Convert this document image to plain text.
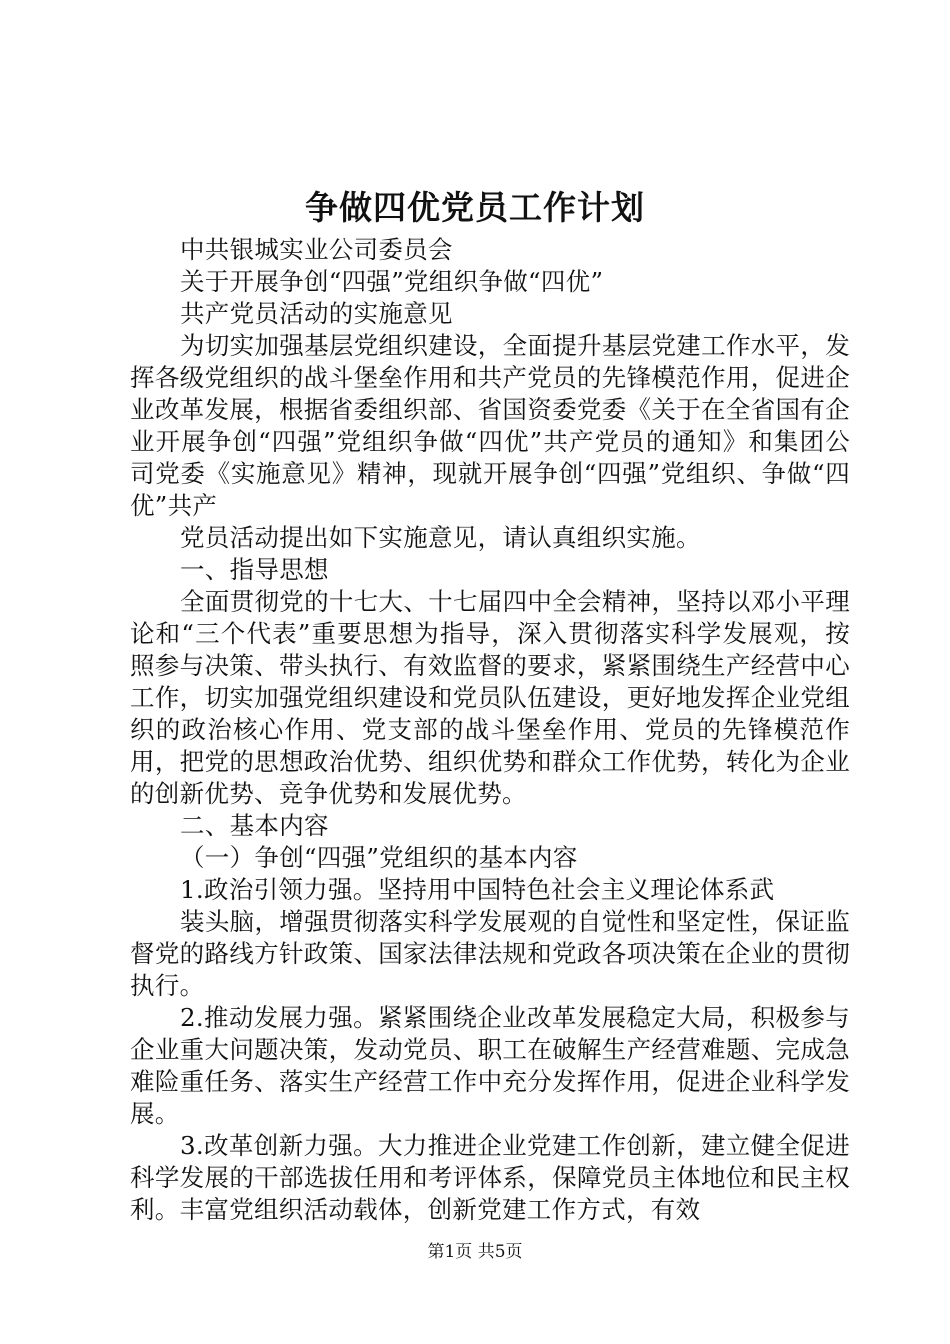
争做四优党员工作计划

中共银城实业公司委员会

关于开展争创“四强”党组织争做“四优”

共产党员活动的实施意见

为切实加强基层党组织建设，全面提升基层党建工作水平，发挥各级党组织的战斗堡垒作用和共产党员的先锋模范作用，促进企业改革发展，根据省委组织部、省国资委党委《关于在全省国有企业开展争创“四强”党组织争做“四优”共产党员的通知》和集团公司党委《实施意见》精神，现就开展争创“四强”党组织、争做“四优”共产

党员活动提出如下实施意见，请认真组织实施。

一、指导思想

全面贯彻党的十七大、十七届四中全会精神，坚持以邓小平理论和“三个代表”重要思想为指导，深入贯彻落实科学发展观，按照参与决策、带头执行、有效监督的要求，紧紧围绕生产经营中心工作，切实加强党组织建设和党员队伍建设，更好地发挥企业党组织的政治核心作用、党支部的战斗堡垒作用、党员的先锋模范作用，把党的思想政治优势、组织优势和群众工作优势，转化为企业的创新优势、竞争优势和发展优势。

二、基本内容

（一）争创“四强”党组织的基本内容

1.政治引领力强。坚持用中国特色社会主义理论体系武

装头脑，增强贯彻落实科学发展观的自觉性和坚定性，保证监督党的路线方针政策、国家法律法规和党政各项决策在企业的贯彻执行。

2.推动发展力强。紧紧围绕企业改革发展稳定大局，积极参与企业重大问题决策，发动党员、职工在破解生产经营难题、完成急难险重任务、落实生产经营工作中充分发挥作用，促进企业科学发展。

3.改革创新力强。大力推进企业党建工作创新，建立健全促进科学发展的干部选拔任用和考评体系，保障党员主体地位和民主权利。丰富党组织活动载体，创新党建工作方式，有效

第1页 共5页
